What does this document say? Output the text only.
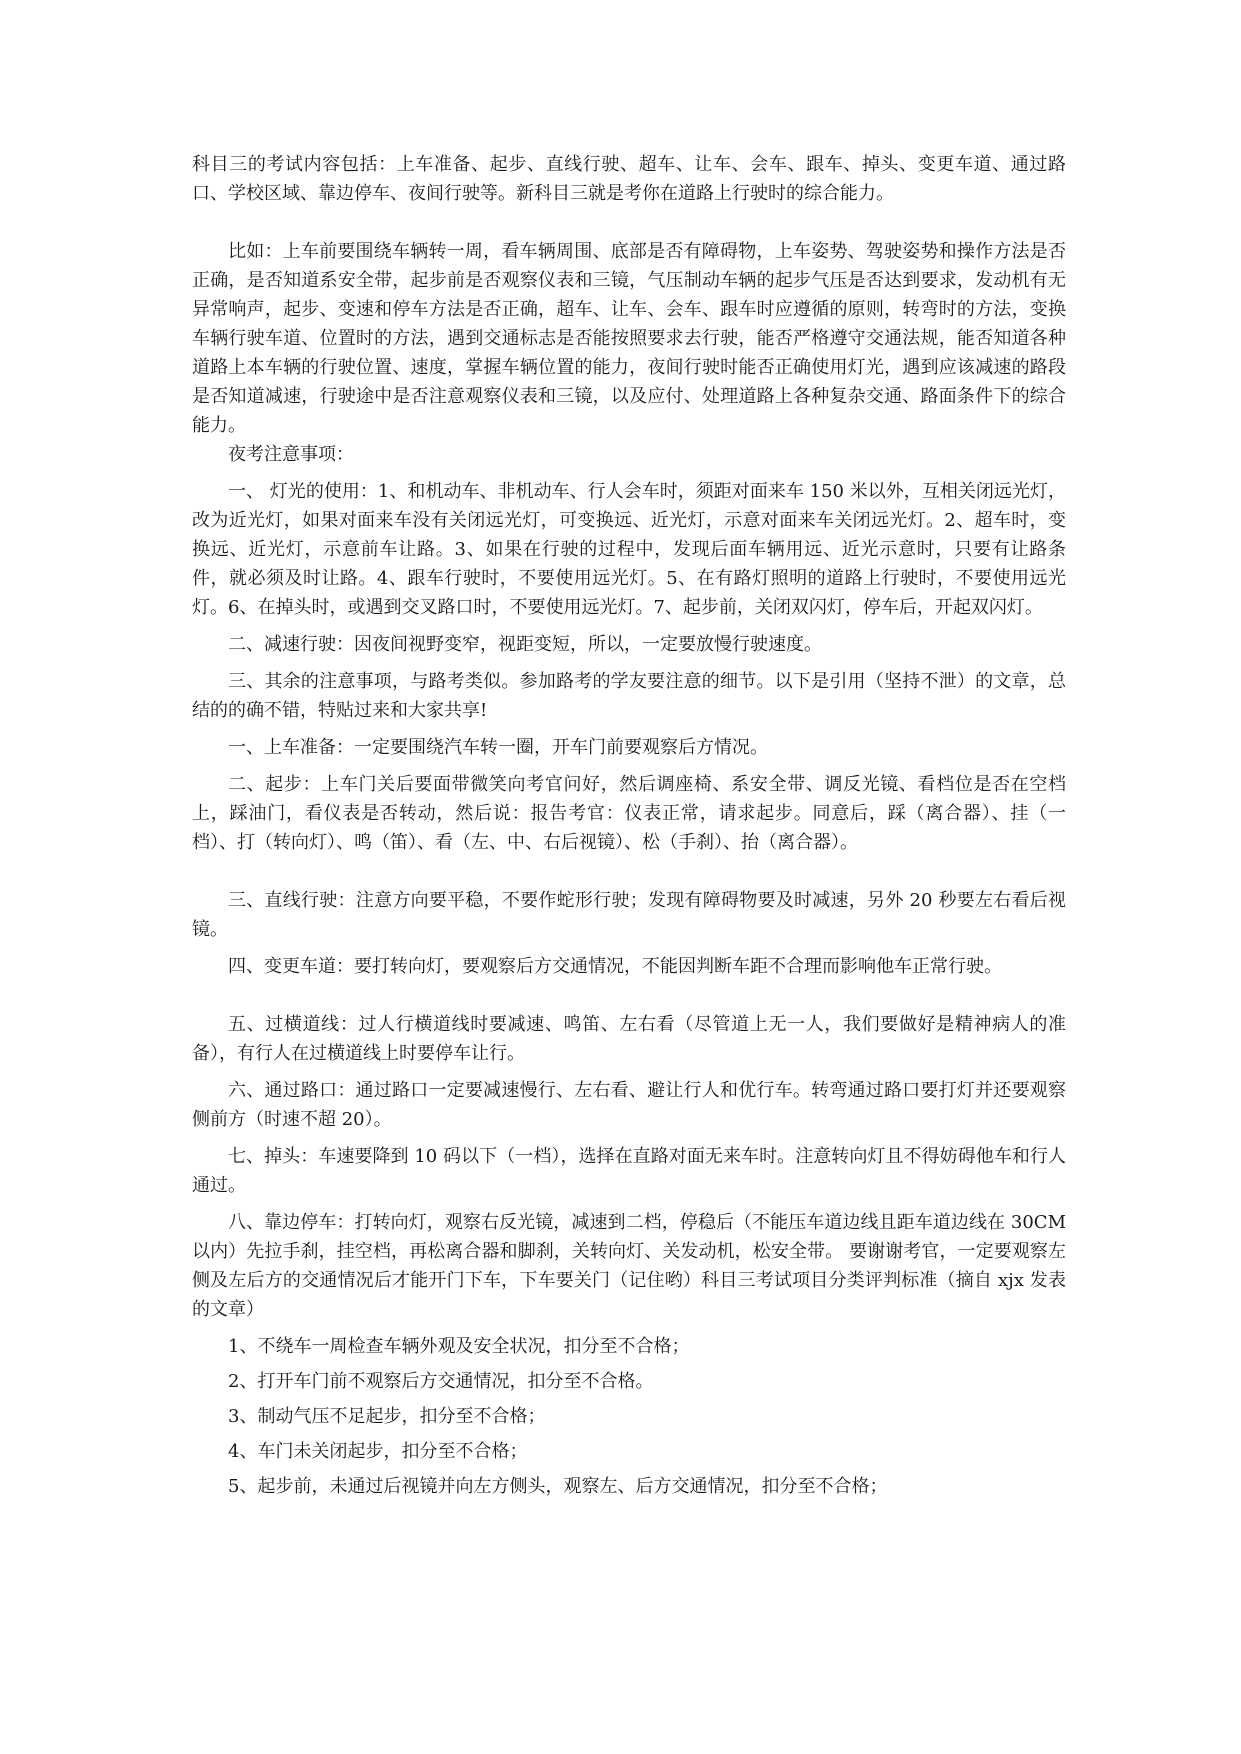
科目三的考试内容包括：上车准备、起步、直线行驶、超车、让车、会车、跟车、掉头、变更车道、通过路口、学校区域、靠边停车、夜间行驶等。新科目三就是考你在道路上行驶时的综合能力。

比如：上车前要围绕车辆转一周，看车辆周围、底部是否有障碍物，上车姿势、驾驶姿势和操作方法是否正确，是否知道系安全带，起步前是否观察仪表和三镜，气压制动车辆的起步气压是否达到要求，发动机有无异常响声，起步、变速和停车方法是否正确，超车、让车、会车、跟车时应遵循的原则，转弯时的方法，变换车辆行驶车道、位置时的方法，遇到交通标志是否能按照要求去行驶，能否严格遵守交通法规，能否知道各种道路上本车辆的行驶位置、速度，掌握车辆位置的能力，夜间行驶时能否正确使用灯光，遇到应该减速的路段是否知道减速，行驶途中是否注意观察仪表和三镜，以及应付、处理道路上各种复杂交通、路面条件下的综合能力。

夜考注意事项：

一、 灯光的使用：1、和机动车、非机动车、行人会车时，须距对面来车 150 米以外，互相关闭远光灯，改为近光灯，如果对面来车没有关闭远光灯，可变换远、近光灯，示意对面来车关闭远光灯。2、超车时，变换远、近光灯，示意前车让路。3、如果在行驶的过程中，发现后面车辆用远、近光示意时，只要有让路条件，就必须及时让路。4、跟车行驶时，不要使用远光灯。5、在有路灯照明的道路上行驶时，不要使用远光灯。6、在掉头时，或遇到交叉路口时，不要使用远光灯。7、起步前，关闭双闪灯，停车后，开起双闪灯。

二、减速行驶：因夜间视野变窄，视距变短，所以，一定要放慢行驶速度。

三、其余的注意事项，与路考类似。参加路考的学友要注意的细节。以下是引用（坚持不泄）的文章，总结的的确不错，特贴过来和大家共享!

一、上车准备：一定要围绕汽车转一圈，开车门前要观察后方情况。

二、起步：上车门关后要面带微笑向考官问好，然后调座椅、系安全带、调反光镜、看档位是否在空档上，踩油门，看仪表是否转动，然后说：报告考官：仪表正常，请求起步。同意后，踩（离合器）、挂（一档）、打（转向灯）、鸣（笛）、看（左、中、右后视镜）、松（手刹）、抬（离合器）。

三、直线行驶：注意方向要平稳，不要作蛇形行驶；发现有障碍物要及时减速，另外 20 秒要左右看后视镜。

四、变更车道：要打转向灯，要观察后方交通情况，不能因判断车距不合理而影响他车正常行驶。

五、过横道线：过人行横道线时要减速、鸣笛、左右看（尽管道上无一人，我们要做好是精神病人的准备），有行人在过横道线上时要停车让行。

六、通过路口：通过路口一定要减速慢行、左右看、避让行人和优行车。转弯通过路口要打灯并还要观察侧前方（时速不超 20）。

七、掉头：车速要降到 10 码以下（一档），选择在直路对面无来车时。注意转向灯且不得妨碍他车和行人通过。

八、靠边停车：打转向灯，观察右反光镜，减速到二档，停稳后（不能压车道边线且距车道边线在 30CM 以内）先拉手刹，挂空档，再松离合器和脚刹，关转向灯、关发动机，松安全带。 要谢谢考官，一定要观察左侧及左后方的交通情况后才能开门下车，下车要关门（记住哟）科目三考试项目分类评判标准（摘自 xjx 发表的文章）

1、不绕车一周检查车辆外观及安全状况，扣分至不合格；

2、打开车门前不观察后方交通情况，扣分至不合格。

3、制动气压不足起步，扣分至不合格；

4、车门未关闭起步，扣分至不合格；

5、起步前，未通过后视镜并向左方侧头，观察左、后方交通情况，扣分至不合格；
